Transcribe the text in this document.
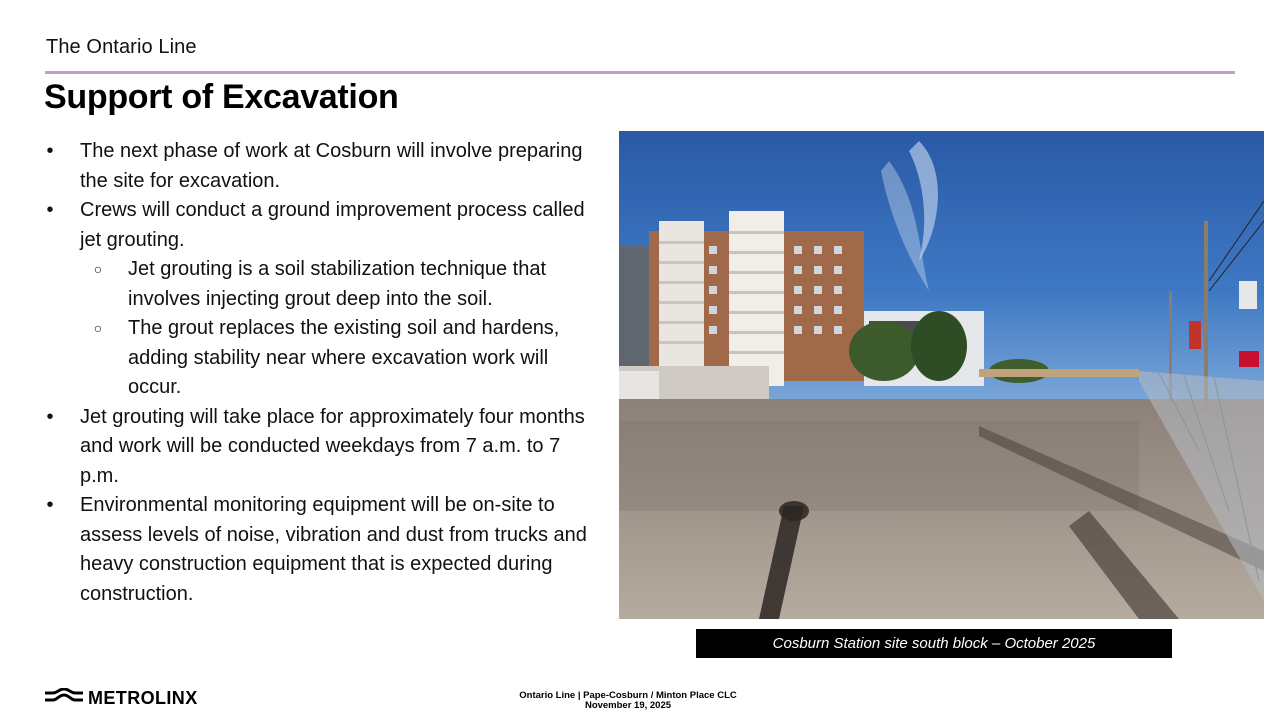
The Ontario Line
Support of Excavation
•	The next phase of work at Cosburn will involve preparing the site for excavation.
•	Crews will conduct a ground improvement process called jet grouting.
○ Jet grouting is a soil stabilization technique that involves injecting grout deep into the soil.
○ The grout replaces the existing soil and hardens, adding stability near where excavation work will occur.
•	Jet grouting will take place for approximately four months and work will be conducted weekdays from 7 a.m. to 7 p.m.
•	Environmental monitoring equipment will be on-site to assess levels of noise, vibration and dust from trucks and heavy construction equipment that is expected during construction.
Cosburn Station site south block – October 2025
METROLINX	Ontario Line | Pape-Cosburn / Minton Place CLC
November 19, 2025
